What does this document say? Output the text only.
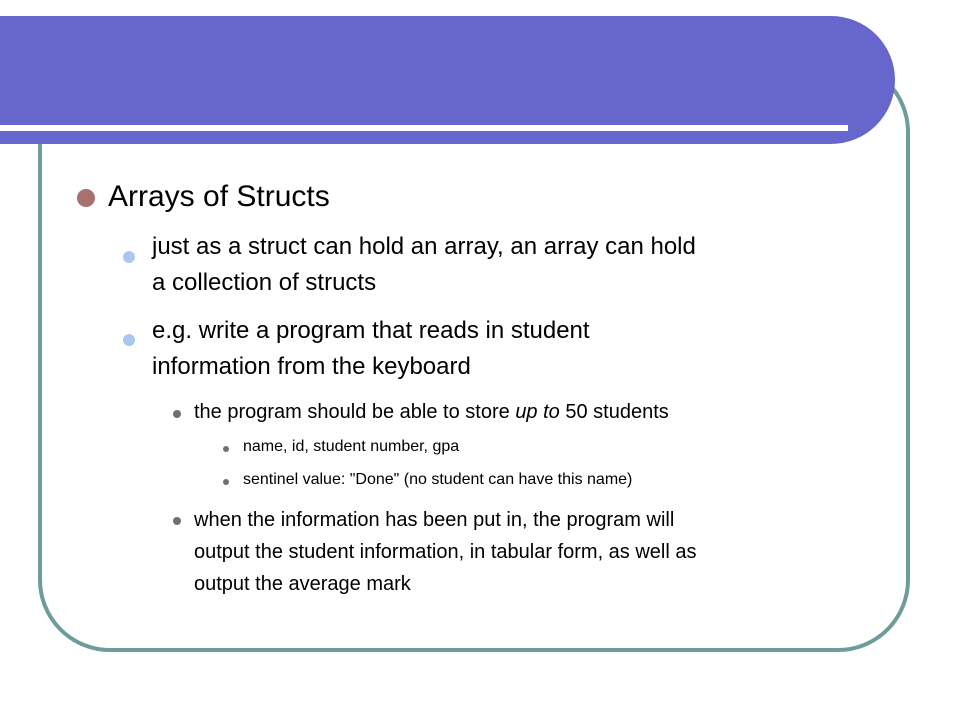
Arrays of Structs
just as a struct can hold an array, an array can hold
a collection of structs
e.g. write a program that reads in student
information from the keyboard
the program should be able to store up to 50 students
name, id, student number, gpa
sentinel value: "Done" (no student can have this name)
when the information has been put in, the program will
output the student information, in tabular form, as well as
output the average mark
